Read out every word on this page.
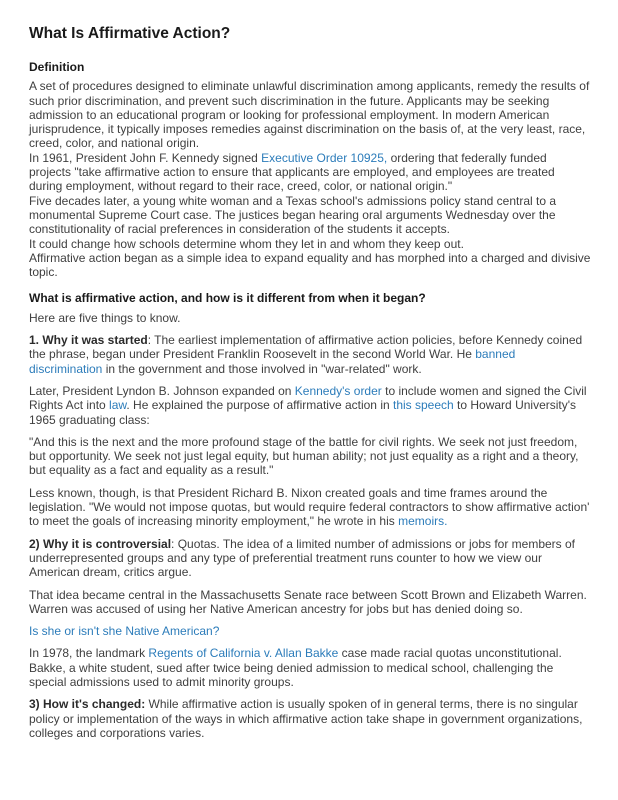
What Is Affirmative Action?
Definition

A set of procedures designed to eliminate unlawful discrimination among applicants, remedy the results of such prior discrimination, and prevent such discrimination in the future. Applicants may be seeking admission to an educational program or looking for professional employment. In modern American jurisprudence, it typically imposes remedies against discrimination on the basis of, at the very least, race, creed, color, and national origin.
In 1961, President John F. Kennedy signed Executive Order 10925, ordering that federally funded projects "take affirmative action to ensure that applicants are employed, and employees are treated during employment, without regard to their race, creed, color, or national origin."
Five decades later, a young white woman and a Texas school's admissions policy stand central to a monumental Supreme Court case. The justices began hearing oral arguments Wednesday over the constitutionality of racial preferences in consideration of the students it accepts.
It could change how schools determine whom they let in and whom they keep out.
Affirmative action began as a simple idea to expand equality and has morphed into a charged and divisive topic.

What is affirmative action, and how is it different from when it began?

Here are five things to know.

1. Why it was started: The earliest implementation of affirmative action policies, before Kennedy coined the phrase, began under President Franklin Roosevelt in the second World War. He banned discrimination in the government and those involved in "war-related" work.

Later, President Lyndon B. Johnson expanded on Kennedy's order to include women and signed the Civil Rights Act into law. He explained the purpose of affirmative action in this speech to Howard University's 1965 graduating class:

"And this is the next and the more profound stage of the battle for civil rights. We seek not just freedom, but opportunity. We seek not just legal equity, but human ability; not just equality as a right and a theory, but equality as a fact and equality as a result."

Less known, though, is that President Richard B. Nixon created goals and time frames around the legislation. "We would not impose quotas, but would require federal contractors to show affirmative action' to meet the goals of increasing minority employment," he wrote in his memoirs.

2) Why it is controversial: Quotas. The idea of a limited number of admissions or jobs for members of underrepresented groups and any type of preferential treatment runs counter to how we view our American dream, critics argue.

That idea became central in the Massachusetts Senate race between Scott Brown and Elizabeth Warren. Warren was accused of using her Native American ancestry for jobs but has denied doing so.

Is she or isn't she Native American?

In 1978, the landmark Regents of California v. Allan Bakke case made racial quotas unconstitutional. Bakke, a white student, sued after twice being denied admission to medical school, challenging the special admissions used to admit minority groups.

3) How it's changed: While affirmative action is usually spoken of in general terms, there is no singular policy or implementation of the ways in which affirmative action take shape in government organizations, colleges and corporations varies.
